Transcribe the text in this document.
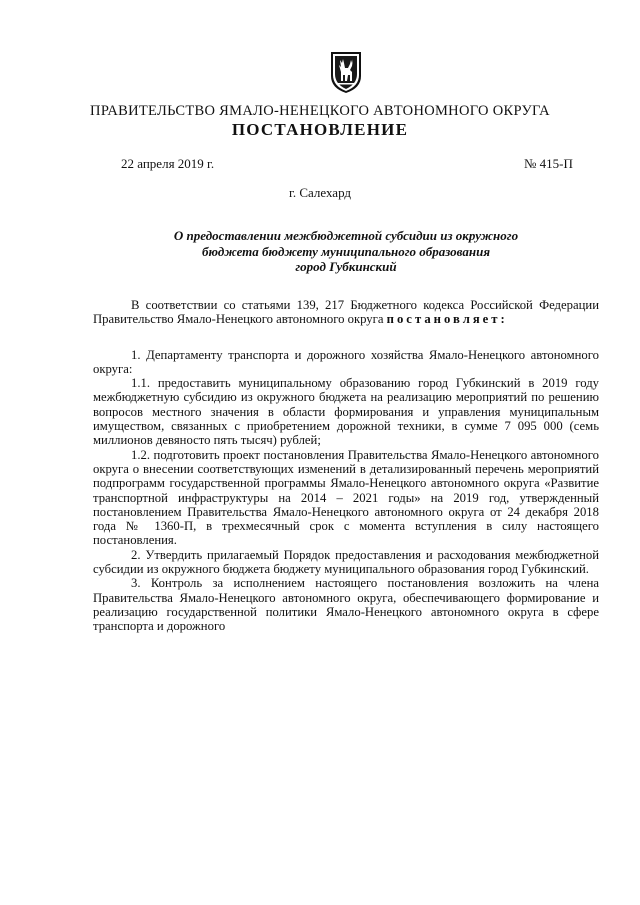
ПРАВИТЕЛЬСТВО ЯМАЛО-НЕНЕЦКОГО АВТОНОМНОГО ОКРУГА
ПОСТАНОВЛЕНИЕ
22 апреля 2019 г.	№ 415-П
г. Салехард
О предоставлении межбюджетной субсидии из окружного
бюджета бюджету муниципального образования
город Губкинский

В соответствии со статьями 139, 217 Бюджетного кодекса Российской Федерации Правительство Ямало-Ненецкого автономного округа постановляет:

1. Департаменту транспорта и дорожного хозяйства Ямало-Ненецкого автономного округа:

1.1. предоставить муниципальному образованию город Губкинский в 2019 году межбюджетную субсидию из окружного бюджета на реализацию мероприятий по решению вопросов местного значения в области формирования и управления муниципальным имуществом, связанных с приобретением дорожной техники, в сумме 7 095 000 (семь миллионов девяносто пять тысяч) рублей;

1.2. подготовить проект постановления Правительства Ямало-Ненецкого автономного округа о внесении соответствующих изменений в детализированный перечень мероприятий подпрограмм государственной программы Ямало-Ненецкого автономного округа «Развитие транспортной инфраструктуры на 2014 – 2021 годы» на 2019 год, утвержденный постановлением Правительства Ямало-Ненецкого автономного округа от 24 декабря 2018 года № 1360-П, в трехмесячный срок с момента вступления в силу настоящего постановления.

2. Утвердить прилагаемый Порядок предоставления и расходования межбюджетной субсидии из окружного бюджета бюджету муниципального образования город Губкинский.

3. Контроль за исполнением настоящего постановления возложить на члена Правительства Ямало-Ненецкого автономного округа, обеспечивающего формирование и реализацию государственной политики Ямало-Ненецкого автономного округа в сфере транспорта и дорожного
